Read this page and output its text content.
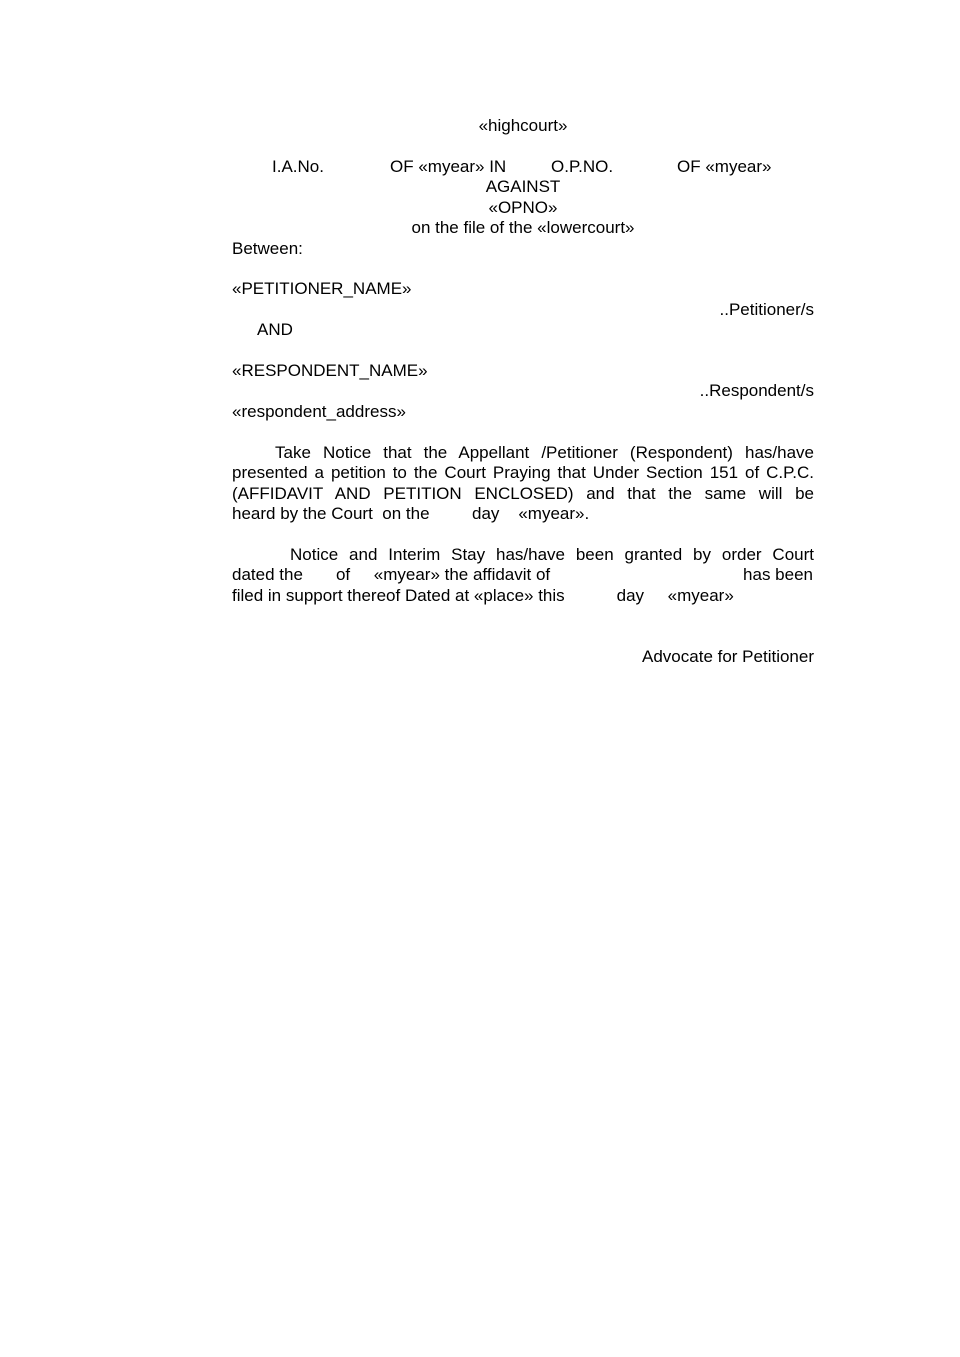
«highcourt»
I.A.No.	OF «myear» IN	O.P.NO.	OF «myear»
AGAINST
«OPNO»
on the file of the «lowercourt»
Between:
«PETITIONER_NAME»
..Petitioner/s
AND
«RESPONDENT_NAME»
..Respondent/s
«respondent_address»
Take Notice that the Appellant /Petitioner (Respondent) has/have
presented a petition to the Court Praying that Under Section 151 of C.P.C.
(AFFIDAVIT AND PETITION ENCLOSED) and that the same will be
heard by the Court  on the         day    «myear».
Notice and Interim Stay has/have been granted by order Court
dated the       of     «myear» the affidavit of	has been
filed in support thereof Dated at «place» this           day     «myear»
Advocate for Petitioner
